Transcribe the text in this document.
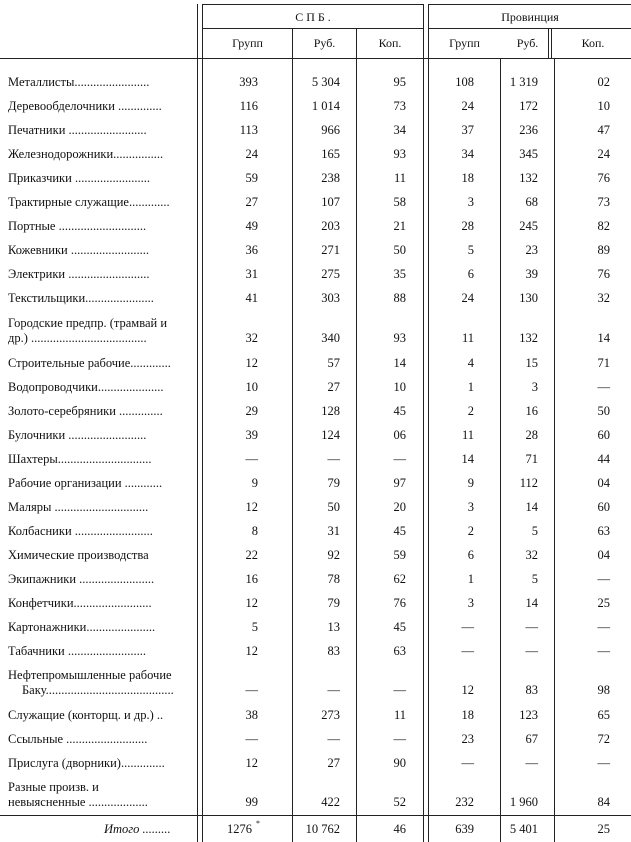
С П Б .	Провинция
Групп	Руб.	Коп.	Групп	Руб.	Коп.
Металлисты........................	393	5 304	95	108	1 319	02
Деревообделочники ..............	116	1 014	73	24	172	10
Печатники .........................	113	966	34	37	236	47
Железнодорожники................	24	165	93	34	345	24
Приказчики ........................	59	238	11	18	132	76
Трактирные служащие.............	27	107	58	3	68	73
Портные ............................	49	203	21	28	245	82
Кожевники .........................	36	271	50	5	23	89
Электрики ..........................	31	275	35	6	39	76
Текстильщики......................	41	303	88	24	130	32
Городские предпр. (трамвай и
др.) .....................................	32	340	93	11	132	14
Строительные рабочие.............	12	57	14	4	15	71
Водопроводчики.....................	10	27	10	1	3	—
Золото-серебряники ..............	29	128	45	2	16	50
Булочники .........................	39	124	06	11	28	60
Шахтеры..............................	—	—	—	14	71	44
Рабочие организации ............	9	79	97	9	112	04
Маляры ..............................	12	50	20	3	14	60
Колбасники .........................	8	31	45	2	5	63
Химические производства	22	92	59	6	32	04
Экипажники ........................	16	78	62	1	5	—
Конфетчики.........................	12	79	76	3	14	25
Картонажники......................	5	13	45	—	—	—
Табачники .........................	12	83	63	—	—	—
Нефтепромышленные рабочие
Баку.........................................	—	—	—	12	83	98
Служащие (конторщ. и др.) ..	38	273	11	18	123	65
Ссыльные ..........................	—	—	—	23	67	72
Прислуга (дворники)..............	12	27	90	—	—	—
Разные произв. и
невыясненные ...................	99	422	52	232	1 960	84
Итого .........	1276	10 762	46	639	5 401	25
*
